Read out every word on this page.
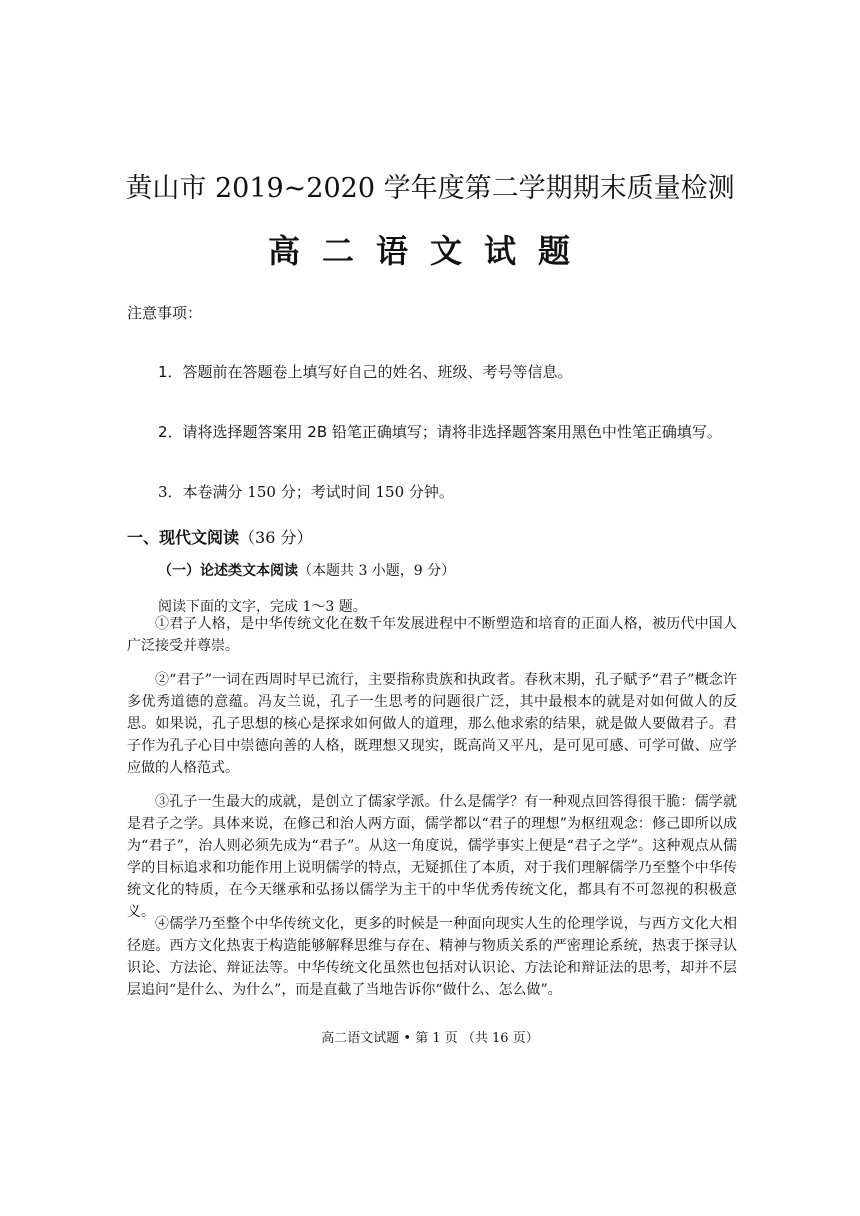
黄山市 2019~2020 学年度第二学期期末质量检测
高二语文试题
注意事项：
1．答题前在答题卷上填写好自己的姓名、班级、考号等信息。
2．请将选择题答案用 2B 铅笔正确填写；请将非选择题答案用黑色中性笔正确填写。
3．本卷满分 150 分；考试时间 150 分钟。
一、现代文阅读（36 分）
（一）论述类文本阅读（本题共 3 小题，9 分）
阅读下面的文字，完成 1～3 题。

①君子人格，是中华传统文化在数千年发展进程中不断塑造和培育的正面人格，被历代中国人广泛接受并尊崇。

②“君子”一词在西周时早已流行，主要指称贵族和执政者。春秋末期，孔子赋予“君子”概念许多优秀道德的意蕴。冯友兰说，孔子一生思考的问题很广泛，其中最根本的就是对如何做人的反思。如果说，孔子思想的核心是探求如何做人的道理，那么他求索的结果，就是做人要做君子。君子作为孔子心目中崇德向善的人格，既理想又现实，既高尚又平凡，是可见可感、可学可做、应学应做的人格范式。

③孔子一生最大的成就，是创立了儒家学派。什么是儒学？有一种观点回答得很干脆：儒学就是君子之学。具体来说，在修己和治人两方面，儒学都以“君子的理想”为枢纽观念：修己即所以成为“君子”，治人则必须先成为“君子”。从这一角度说，儒学事实上便是“君子之学”。这种观点从儒学的目标追求和功能作用上说明儒学的特点，无疑抓住了本质，对于我们理解儒学乃至整个中华传统文化的特质，在今天继承和弘扬以儒学为主干的中华优秀传统文化，都具有不可忽视的积极意义。

④儒学乃至整个中华传统文化，更多的时候是一种面向现实人生的伦理学说，与西方文化大相径庭。西方文化热衷于构造能够解释思维与存在、精神与物质关系的严密理论系统，热衷于探寻认识论、方法论、辩证法等。中华传统文化虽然也包括对认识论、方法论和辩证法的思考，却并不层层追问“是什么、为什么”，而是直截了当地告诉你“做什么、怎么做”。

高二语文试题 • 第 1 页 （共 16 页）
